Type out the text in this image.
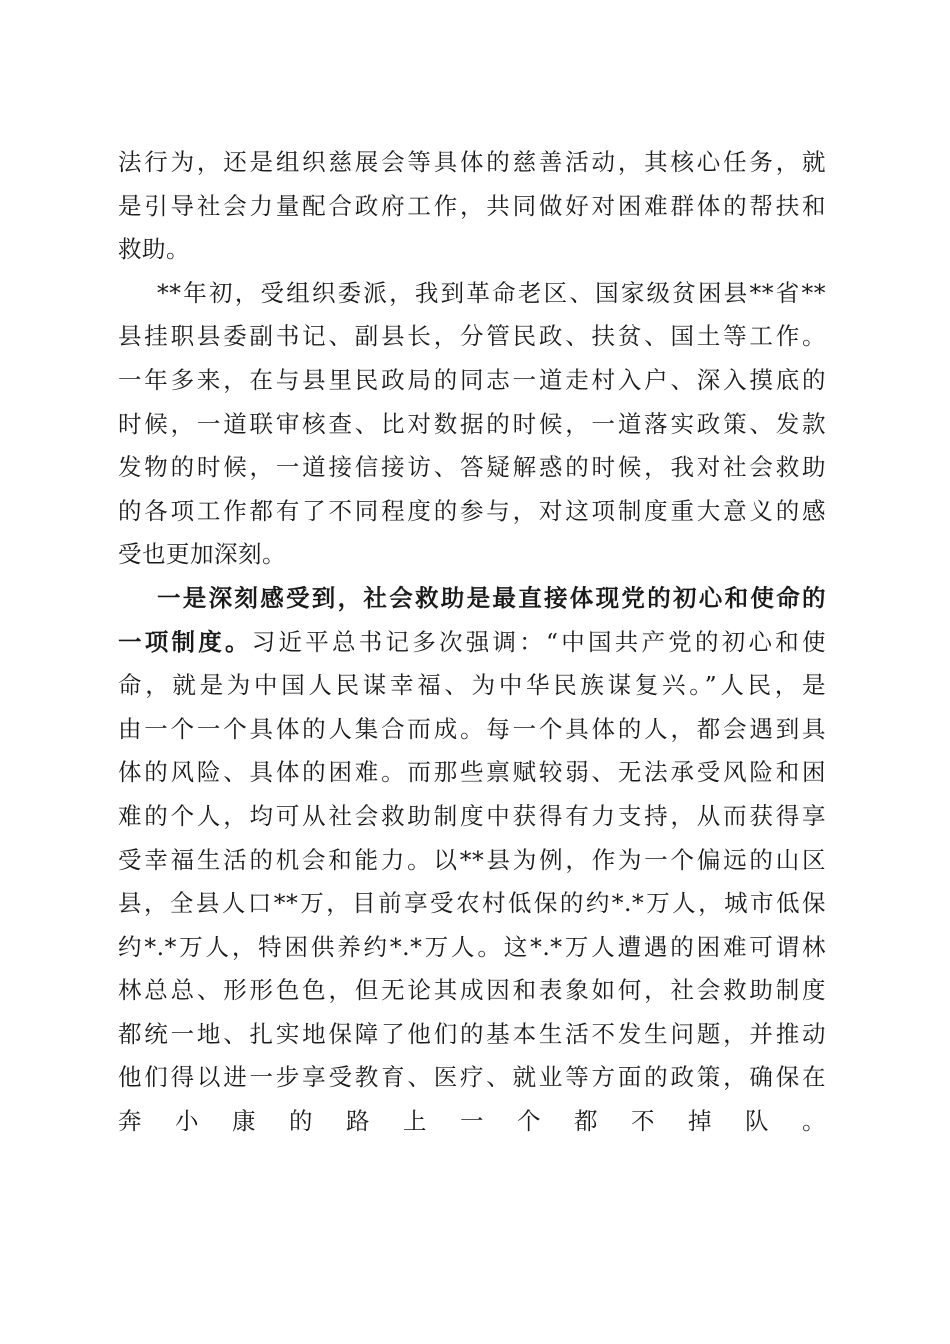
法行为，还是组织慈展会等具体的慈善活动，其核心任务，就
是引导社会力量配合政府工作，共同做好对困难群体的帮扶和
救助。
**年初，受组织委派，我到革命老区、国家级贫困县**省**
县挂职县委副书记、副县长，分管民政、扶贫、国土等工作。
一年多来，在与县里民政局的同志一道走村入户、深入摸底的
时候，一道联审核查、比对数据的时候，一道落实政策、发款
发物的时候，一道接信接访、答疑解惑的时候，我对社会救助
的各项工作都有了不同程度的参与，对这项制度重大意义的感
受也更加深刻。
一是深刻感受到，社会救助是最直接体现党的初心和使命的
一项制度。习近平总书记多次强调：“中国共产党的初心和使
命，就是为中国人民谋幸福、为中华民族谋复兴。”人民，是
由一个一个具体的人集合而成。每一个具体的人，都会遇到具
体的风险、具体的困难。而那些禀赋较弱、无法承受风险和困
难的个人，均可从社会救助制度中获得有力支持，从而获得享
受幸福生活的机会和能力。以**县为例，作为一个偏远的山区
县，全县人口**万，目前享受农村低保的约*.*万人，城市低保
约*.*万人，特困供养约*.*万人。这*.*万人遭遇的困难可谓林
林总总、形形色色，但无论其成因和表象如何，社会救助制度
都统一地、扎实地保障了他们的基本生活不发生问题，并推动
他们得以进一步享受教育、医疗、就业等方面的政策，确保在
奔小康的路上一个都不掉队。
